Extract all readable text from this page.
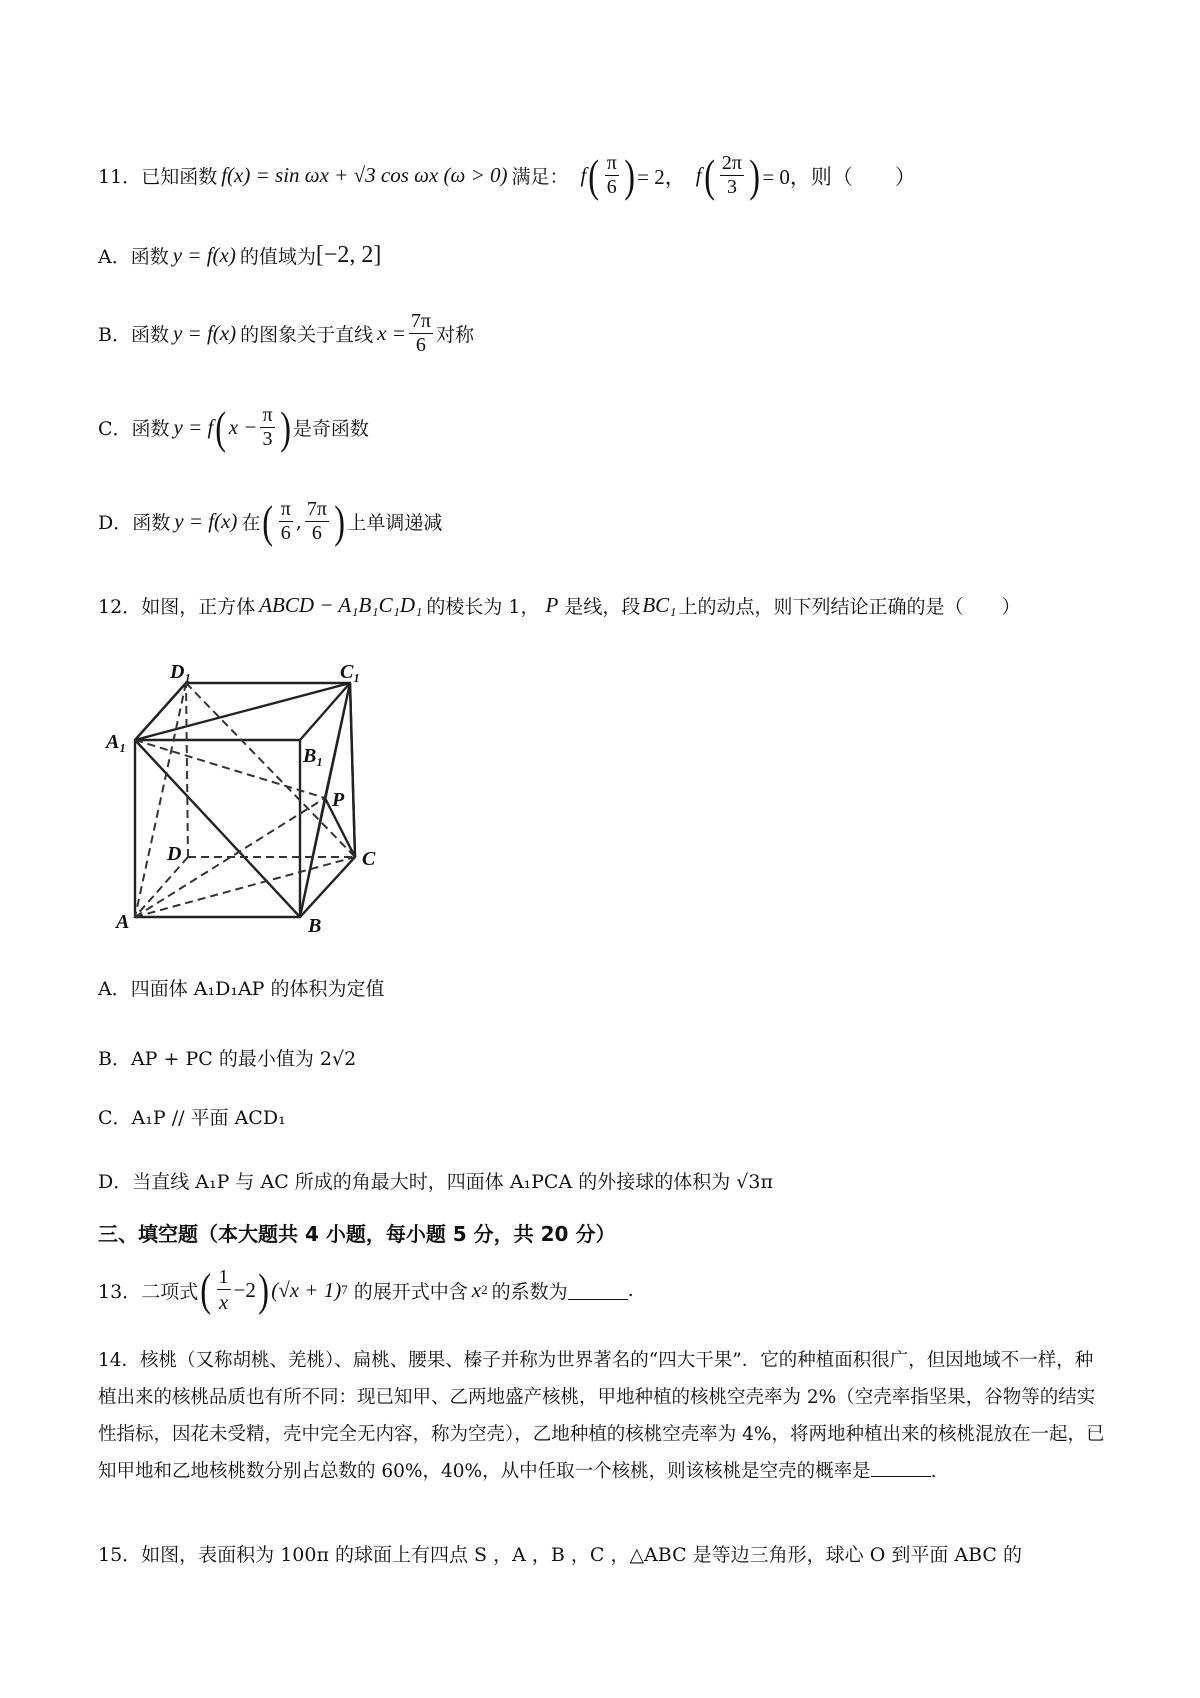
11． 已知函数 f(x) = sin ωx + √3 cos ωx (ω > 0) 满足： f ( $\frac{\pi}{6}$ ) = 2， f ( $\frac{2\pi}{3}$ ) = 0，则（　　）
A．函数 y = f(x) 的值域为 [−2, 2]
B．函数 y = f(x) 的图象关于直线 $x = \frac{7\pi}{6}$ 对称
C．函数 y = f ( $x - \frac{\pi}{3}$ ) 是奇函数
D．函数 y = f(x) 在 ( $\frac{\pi}{6}$ , $\frac{7\pi}{6}$ ) 上单调递减
12． 如图，正方体 ABCD − A₁B₁C₁D₁ 的棱长为 1， P 是线，段 BC₁ 上的动点，则下列结论正确的是（　　）
D₁	C₁
A₁
B₁
P
D	C
A	B
A．四面体 A₁D₁AP 的体积为定值
B．AP + PC 的最小值为 2√2
C．A₁P // 平面 ACD₁
D．当直线 A₁P 与 AC 所成的角最大时，四面体 A₁PCA 的外接球的体积为 √3π
三、填空题（本大题共 4 小题，每小题 5 分，共 20 分）
13． 二项式 ( $\frac{1}{x} -2$ ) (√x + 1) 7 的展开式中含 x 2 的系数为	.
14．核桃（又称胡桃、羌桃）、扁桃、腰果、榛子并称为世界著名的“四大干果”．它的种植面积很广，但因地域不一样，种植出来的核桃品质也有所不同：现已知甲、乙两地盛产核桃，甲地种植的核桃空壳率为 2%（空壳率指坚果，谷物等的结实性指标，因花未受精，壳中完全无内容，称为空壳），乙地种植的核桃空壳率为 4%，将两地种植出来的核桃混放在一起，已知甲地和乙地核桃数分别占总数的 60%，40%，从中任取一个核桃，则该核桃是空壳的概率是	.
15．如图，表面积为 100π 的球面上有四点 S ，A ，B ，C ，△ABC 是等边三角形，球心 O 到平面 ABC 的
